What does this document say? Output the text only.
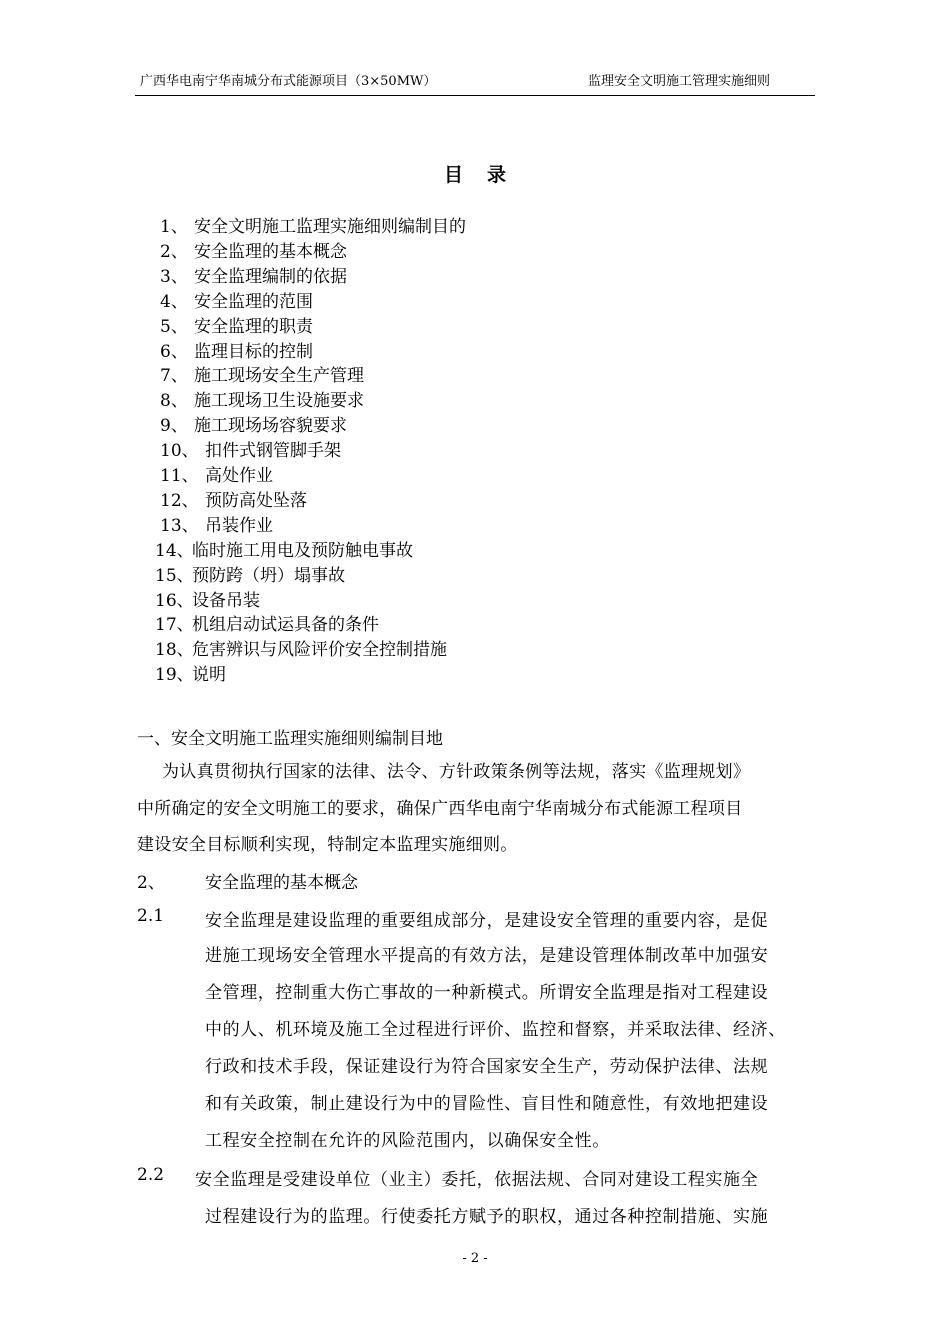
广西华电南宁华南城分布式能源项目（3×50MW）	监理安全文明施工管理实施细则
目录
1、 安全文明施工监理实施细则编制目的
2、 安全监理的基本概念
3、 安全监理编制的依据
4、 安全监理的范围
5、 安全监理的职责
6、 监理目标的控制
7、 施工现场安全生产管理
8、 施工现场卫生设施要求
9、 施工现场场容貌要求
10、 扣件式钢管脚手架
11、 高处作业
12、 预防高处坠落
13、 吊装作业
14、临时施工用电及预防触电事故
15、预防跨（坍）塌事故
16、设备吊装
17、机组启动试运具备的条件
18、危害辨识与风险评价安全控制措施
19、说明
一、安全文明施工监理实施细则编制目地
为认真贯彻执行国家的法律、法令、方针政策条例等法规，落实《监理规划》
中所确定的安全文明施工的要求，确保广西华电南宁华南城分布式能源工程项目
建设安全目标顺利实现，特制定本监理实施细则。
2、 安全监理的基本概念
2.1 安全监理是建设监理的重要组成部分，是建设安全管理的重要内容，是促
进施工现场安全管理水平提高的有效方法，是建设管理体制改革中加强安
全管理，控制重大伤亡事故的一种新模式。所谓安全监理是指对工程建设
中的人、机环境及施工全过程进行评价、监控和督察，并采取法律、经济、
行政和技术手段，保证建设行为符合国家安全生产，劳动保护法律、法规
和有关政策，制止建设行为中的冒险性、盲目性和随意性，有效地把建设
工程安全控制在允许的风险范围内，以确保安全性。
2.2 安全监理是受建设单位（业主）委托，依据法规、合同对建设工程实施全
过程建设行为的监理。行使委托方赋予的职权，通过各种控制措施、实施
- 2 -
